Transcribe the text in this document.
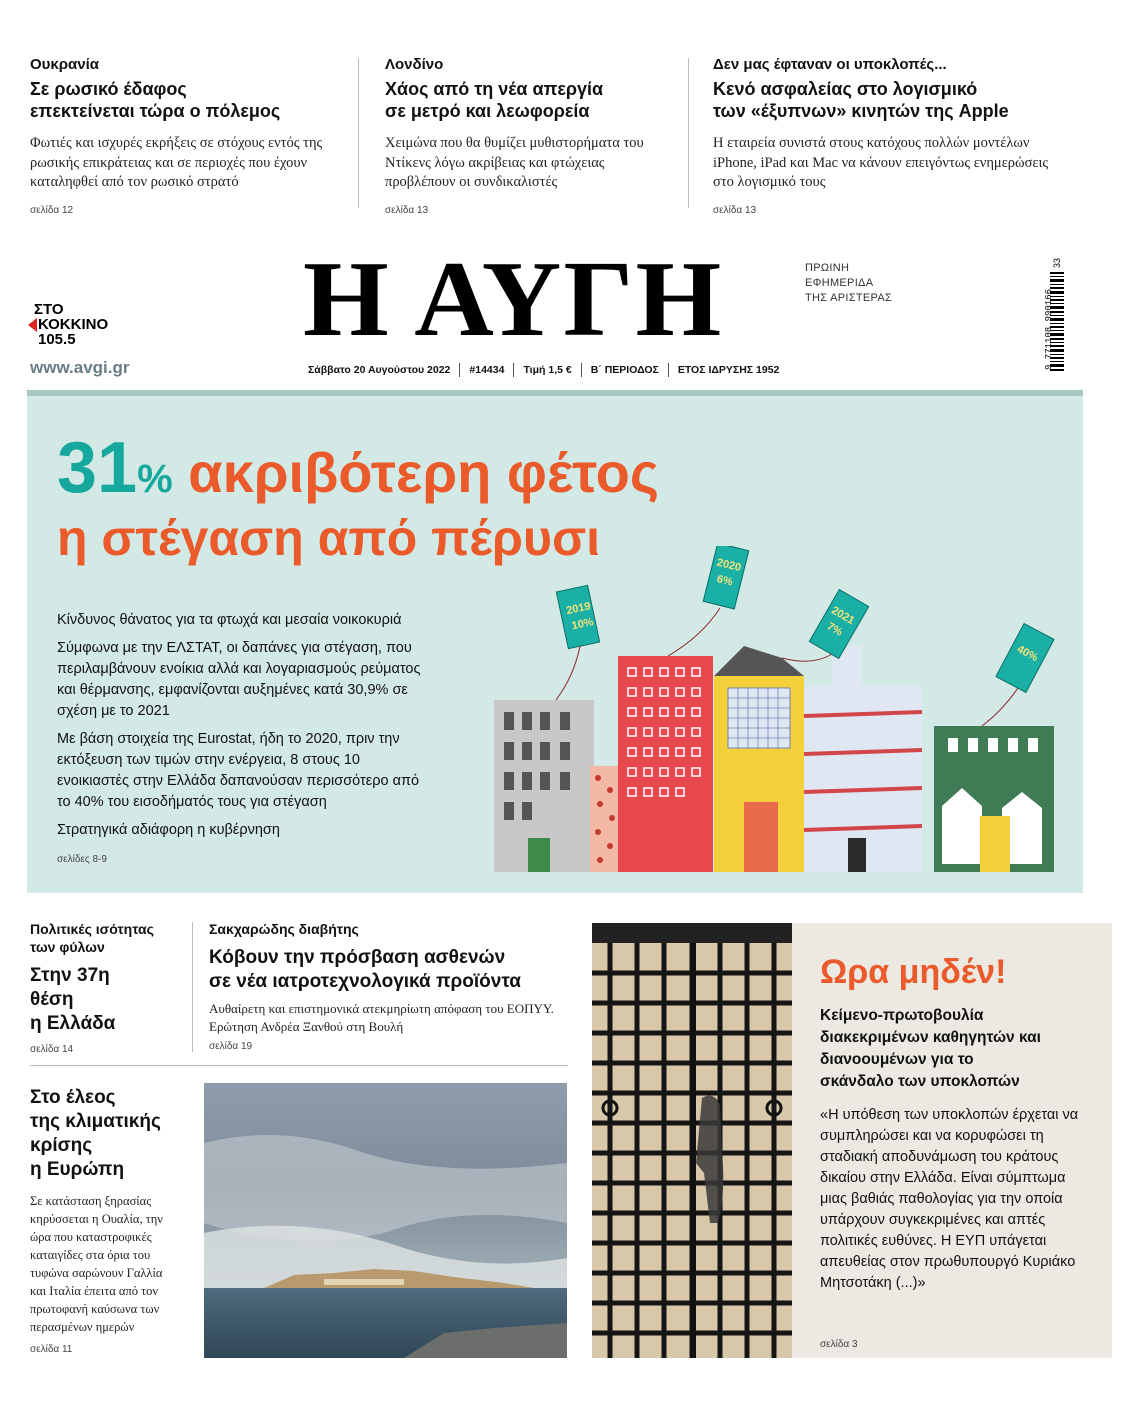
Ουκρανία
Σε ρωσικό έδαφος
επεκτείνεται τώρα ο πόλεμος
Φωτιές και ισχυρές εκρήξεις σε στόχους εντός της ρωσικής επικράτειας και σε περιοχές που έχουν καταληφθεί από τον ρωσικό στρατό
σελίδα 12
Λονδίνο
Χάος από τη νέα απεργία
σε μετρό και λεωφορεία
Χειμώνα που θα θυμίζει μυθιστορήματα του Ντίκενς λόγω ακρίβειας και φτώχειας προβλέπουν οι συνδικαλιστές
σελίδα 13
Δεν μας έφταναν οι υποκλοπές...
Κενό ασφαλείας στο λογισμικό
των «έξυπνων» κινητών της Apple
Η εταιρεία συνιστά στους κατόχους πολλών μοντέλων iPhone, iPad και Mac να κάνουν επειγόντως ενημερώσεις στο λογισμικό τους
σελίδα 13
ΣΤΟ
ΚΟΚΚΙΝΟ
105.5
www.avgi.gr
Η ΑΥΓΗ	ΠΡΩΙΝΗ
ΕΦΗΜΕΡΙΔΑ
ΤΗΣ ΑΡΙΣΤΕΡΑΣ
Σάββατο 20 Αυγούστου 2022 #14434 Τιμή 1,5 € Β΄ ΠΕΡΙΟΔΟΣ ΕΤΟΣ ΙΔΡΥΣΗΣ 1952	9 771108 990166
33
31% ακριβότερη φέτος
η στέγαση από πέρυσι

Κίνδυνος θάνατος για τα φτωχά και μεσαία νοικοκυριά

Σύμφωνα με την ΕΛΣΤΑΤ, οι δαπάνες για στέγαση, που περιλαμβάνουν ενοίκια αλλά και λογαριασμούς ρεύματος και θέρμανσης, εμφανίζονται αυξημένες κατά 30,9% σε σχέση με το 2021

Με βάση στοιχεία της Eurostat, ήδη το 2020, πριν την εκτόξευση των τιμών στην ενέργεια, 8 στους 10 ενοικιαστές στην Ελλάδα δαπανούσαν περισσότερο από το 40% του εισοδήματός τους για στέγαση

Στρατηγικά αδιάφορη η κυβέρνηση

σελίδες 8-9
2019
10%
2020
6%
2021
7%
40%
Πολιτικές ισότητας
των φύλων
Στην 37η
θέση
η Ελλάδα
σελίδα 14
Σακχαρώδης διαβήτης
Κόβουν την πρόσβαση ασθενών
σε νέα ιατροτεχνολογικά προϊόντα
Αυθαίρετη και επιστημονικά ατεκμηρίωτη απόφαση του ΕΟΠΥΥ. Ερώτηση Ανδρέα Ξανθού στη Βουλή
σελίδα 19
Στο έλεος
της κλιματικής
κρίσης
η Ευρώπη
Σε κατάσταση ξηρασίας κηρύσσεται η Ουαλία, την ώρα που καταστροφικές καταιγίδες στα όρια του τυφώνα σαρώνουν Γαλλία και Ιταλία έπειτα από τον πρωτοφανή καύσωνα των περασμένων ημερών
σελίδα 11
Ωρα μηδέν!
Κείμενο-πρωτοβουλία διακεκριμένων καθηγητών και διανοουμένων για το σκάνδαλο των υποκλοπών
«Η υπόθεση των υποκλοπών έρχεται να συμπληρώσει και να κορυφώσει τη σταδιακή αποδυνάμωση του κράτους δικαίου στην Ελλάδα. Είναι σύμπτωμα μιας βαθιάς παθολογίας για την οποία υπάρχουν συγκεκριμένες και απτές πολιτικές ευθύνες. Η ΕΥΠ υπάγεται απευθείας στον πρωθυπουργό Κυριάκο Μητσοτάκη (...)»
σελίδα 3
